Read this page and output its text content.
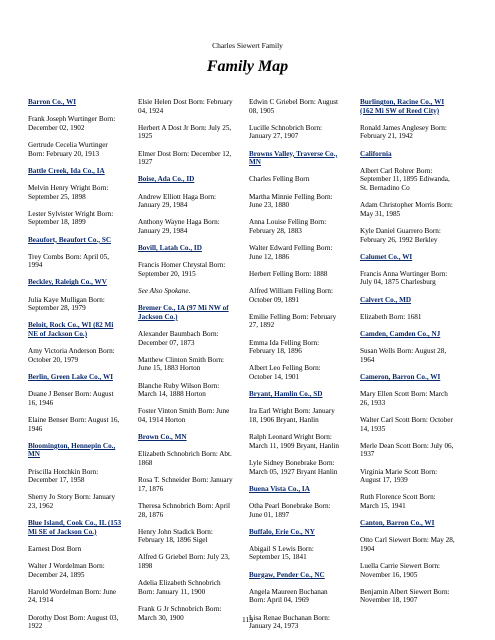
Charles Siewert Family
Family Map
Barron Co., WI
Frank Joseph Wurtinger Born: December 02, 1902
Gertrude Cecelia Wurtinger Born: February 20, 1913
Battle Creek, Ida Co., IA
Melvin Henry Wright Born: September 25, 1898
Lester Sylvister Wright Born: September 18, 1899
Beaufort, Beaufort Co., SC
Trey Combs Born: April 05, 1994
Beckley, Raleigh Co., WV
Julia Kaye Mulligan Born: September 28, 1979
Beloit, Rock Co., WI (82 Mi NE of Jackson Co.)
Amy Victoria Anderson Born: October 20, 1979
Berlin, Green Lake Co., WI
Duane J Benser Born: August 16, 1946
Elaine Benser Born: August 16, 1946
Bloomington, Hennepin Co., MN
Priscilla Hotchkin Born: December 17, 1958
Sherry Jo Story Born: January 23, 1962
Blue Island, Cook Co., IL (153 Mi SE of Jackson Co.)
Earnest Dost Born
Walter J Wordelman Born: December 24, 1895
Harold Wordelman Born: June 24, 1914
Dorothy Dost Born: August 03, 1922
Elsie Helen Dost Born: February 04, 1924
Herbert A Dost Jr Born: July 25, 1925
Elmer Dost Born: December 12, 1927
Boise, Ada Co., ID
Andrew Elliott Haga Born: January 29, 1984
Anthony Wayne Haga Born: January 29, 1984
Bovill, Latah Co., ID
Francis Homer Chrystal Born: September 20, 1915
See Also Spokane.
Bremer Co., IA (97 Mi NW of Jackson Co.)
Alexander Baumbach Born: December 07, 1873
Matthew Clinton Smith Born: June 15, 1883 Horton
Blanche Ruby Wilson Born: March 14, 1888 Horton
Foster Vinton Smith Born: June 04, 1914 Horton
Brown Co., MN
Elizabeth Schnobrich Born: Abt. 1868
Rosa T. Schneider Born: January 17, 1876
Theresa Schnobrich Born: April 28, 1876
Henry John Stadick Born: February 18, 1896 Sigel
Alfred G Griebel Born: July 23, 1898
Adelia Elizabeth Schnobrich Born: January 11, 1900
Frank G Jr Schnobrich Born: March 30, 1900
Edwin C Griebel Born: August 08, 1905
Lucille Schnobrich Born: January 27, 1907
Browns Valley, Traverse Co., MN
Charles Felling Born
Martha Minnie Felling Born: June 23, 1880
Anna Louise Felling Born: February 28, 1883
Walter Edward Felling Born: June 12, 1886
Herbert Felling Born: 1888
Alfred William Felling Born: October 09, 1891
Emilie Felling Born: February 27, 1892
Emma Ida Felling Born: February 18, 1896
Albert Leo Felling Born: October 14, 1901
Bryant, Hamlin Co., SD
Ira Earl Wright Born: January 18, 1906 Bryant, Hanlin
Ralph Leonard Wright Born: March 11, 1909 Bryant, Hanlin
Lyle Sidney Bonebrake Born: March 05, 1927 Bryant Hanlin
Buena Vista Co., IA
Otha Pearl Bonebrake Born: June 01, 1897
Buffalo, Erie Co., NY
Abigail S Lewis Born: September 15, 1841
Burgaw, Pender Co., NC
Angela Maureen Buchanan Born: April 04, 1969
Lisa Renae Buchanan Born: January 24, 1973
Burlington, Racine Co., WI (162 Mi SW of Reed City)
Ronald James Anglesey Born: February 21, 1942
California
Albert Carl Rohrer Born: September 11, 1895 Ediwanda, St. Bernadino Co
Adam Christopher Morris Born: May 31, 1985
Kyle Daniel Guarrero Born: February 26, 1992 Berkley
Calumet Co., WI
Francis Anna Wurtinger Born: July 04, 1875 Charlesburg
Calvert Co., MD
Elizabeth Born: 1681
Camden, Camden Co., NJ
Susan Wells Born: August 28, 1964
Cameron, Barron Co., WI
Mary Ellen Scott Born: March 26, 1933
Walter Carl Scott Born: October 14, 1935
Merle Dean Scott Born: July 06, 1937
Virginia Marie Scott Born: August 17, 1939
Ruth Florence Scott Born: March 15, 1941
Canton, Barron Co., WI
Otto Carl Siewert Born: May 28, 1904
Luella Carrie Siewert Born: November 16, 1905
Benjamin Albert Siewert Born: November 18, 1907
113
